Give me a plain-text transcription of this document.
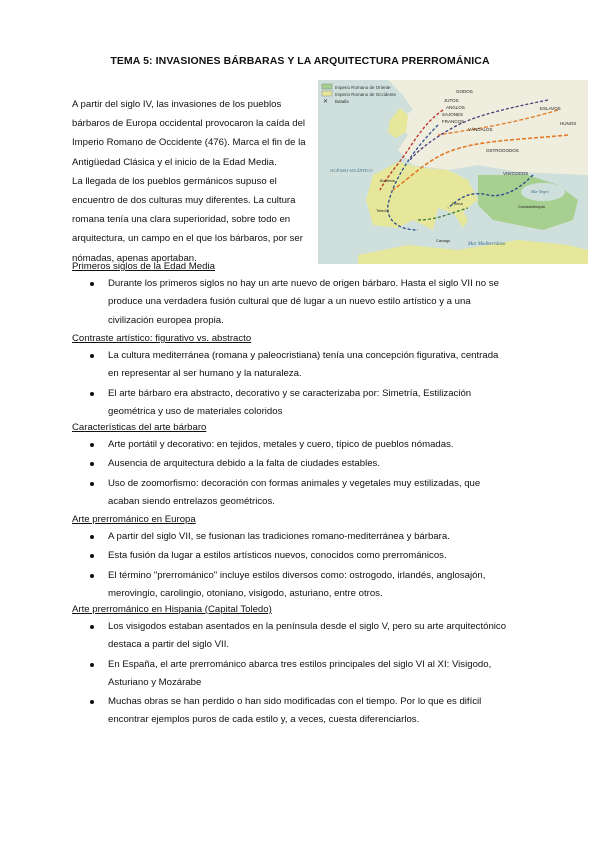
TEMA 5: INVASIONES BÁRBARAS Y LA ARQUITECTURA PRERROMÁNICA

A partir del siglo IV, las invasiones de los pueblos

bárbaros de Europa occidental provocaron la caída del

Imperio Romano de Occidente (476). Marca el fin de la

Antigüedad Clásica y el inicio de la Edad Media.

La llegada de los pueblos germánicos supuso el

encuentro de dos culturas muy diferentes. La cultura

romana tenía una clara superioridad, sobre todo en

arquitectura, un campo en el que los bárbaros, por ser

nómadas, apenas aportaban.

Imperio Romano de Oriente
Imperio Romano de Occidente
✕ Batalla
GODOS
JUTOS
ANGLOS
SAJONES
FRANCOS
VÁNDALOS
HUNOS
ESLAVOS
OSTROGODOS
VISIGODOS
OCÉANO ATLÁNTICO
Mar Mediterráneo
Mar Negro
Burdeos
Toledo
Roma
Cartago
Constantinopla
Primeros siglos de la Edad Media
Durante los primeros siglos no hay un arte nuevo de origen bárbaro. Hasta el siglo VII no se
produce una verdadera fusión cultural que dé lugar a un nuevo estilo artístico y a una
civilización europea propia.
Contraste artístico: figurativo vs. abstracto
La cultura mediterránea (romana y paleocristiana) tenía una concepción figurativa, centrada
en representar al ser humano y la naturaleza.
El arte bárbaro era abstracto, decorativo y se caracterizaba por: Simetría, Estilización
geométrica y uso de materiales coloridos
Características del arte bárbaro
Arte portátil y decorativo: en tejidos, metales y cuero, típico de pueblos nómadas.
Ausencia de arquitectura debido a la falta de ciudades estables.
Uso de zoomorfismo: decoración con formas animales y vegetales muy estilizadas, que
acaban siendo entrelazos geométricos.
Arte prerrománico en Europa
A partir del siglo VII, se fusionan las tradiciones romano-mediterránea y bárbara.
Esta fusión da lugar a estilos artísticos nuevos, conocidos como prerrománicos.
El término "prerrománico" incluye estilos diversos como: ostrogodo, irlandés, anglosajón,
merovingio, carolingio, otoniano, visigodo, asturiano, entre otros.
Arte prerrománico en Hispania (Capital Toledo)
Los visigodos estaban asentados en la península desde el siglo V, pero su arte arquitectónico
destaca a partir del siglo VII.
En España, el arte prerrománico abarca tres estilos principales del siglo VI al XI: Visigodo,
Asturiano y Mozárabe
Muchas obras se han perdido o han sido modificadas con el tiempo. Por lo que es difícil
encontrar ejemplos puros de cada estilo y, a veces, cuesta diferenciarlos.
